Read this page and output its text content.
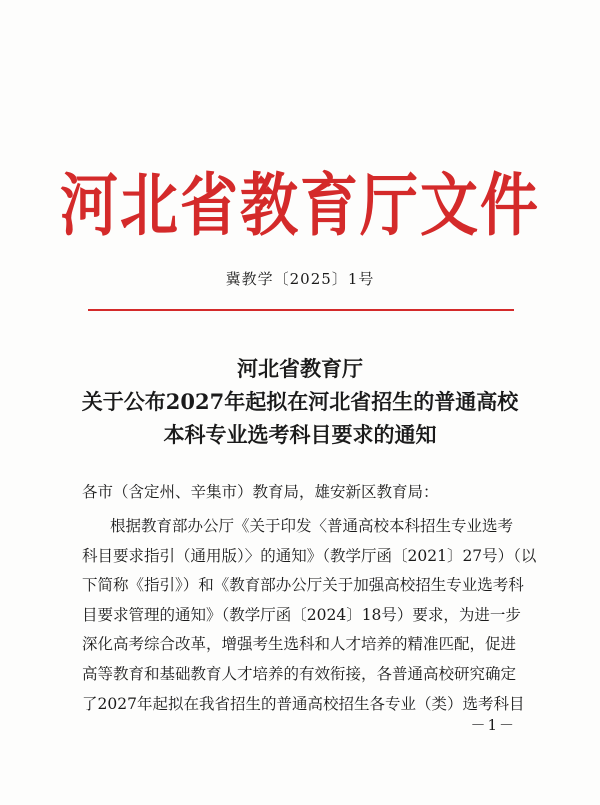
河北省教育厅文件
冀教学〔2025〕1号
河北省教育厅
关于公布2027年起拟在河北省招生的普通高校
本科专业选考科目要求的通知
各市（含定州、辛集市）教育局，雄安新区教育局：
根据教育部办公厅《关于印发〈普通高校本科招生专业选考
科目要求指引（通用版）〉的通知》（教学厅函〔2021〕27号）（以
下简称《指引》）和《教育部办公厅关于加强高校招生专业选考科
目要求管理的通知》（教学厅函〔2024〕18号）要求，为进一步
深化高考综合改革，增强考生选科和人才培养的精准匹配，促进
高等教育和基础教育人才培养的有效衔接，各普通高校研究确定
了2027年起拟在我省招生的普通高校招生各专业（类）选考科目
－1－
